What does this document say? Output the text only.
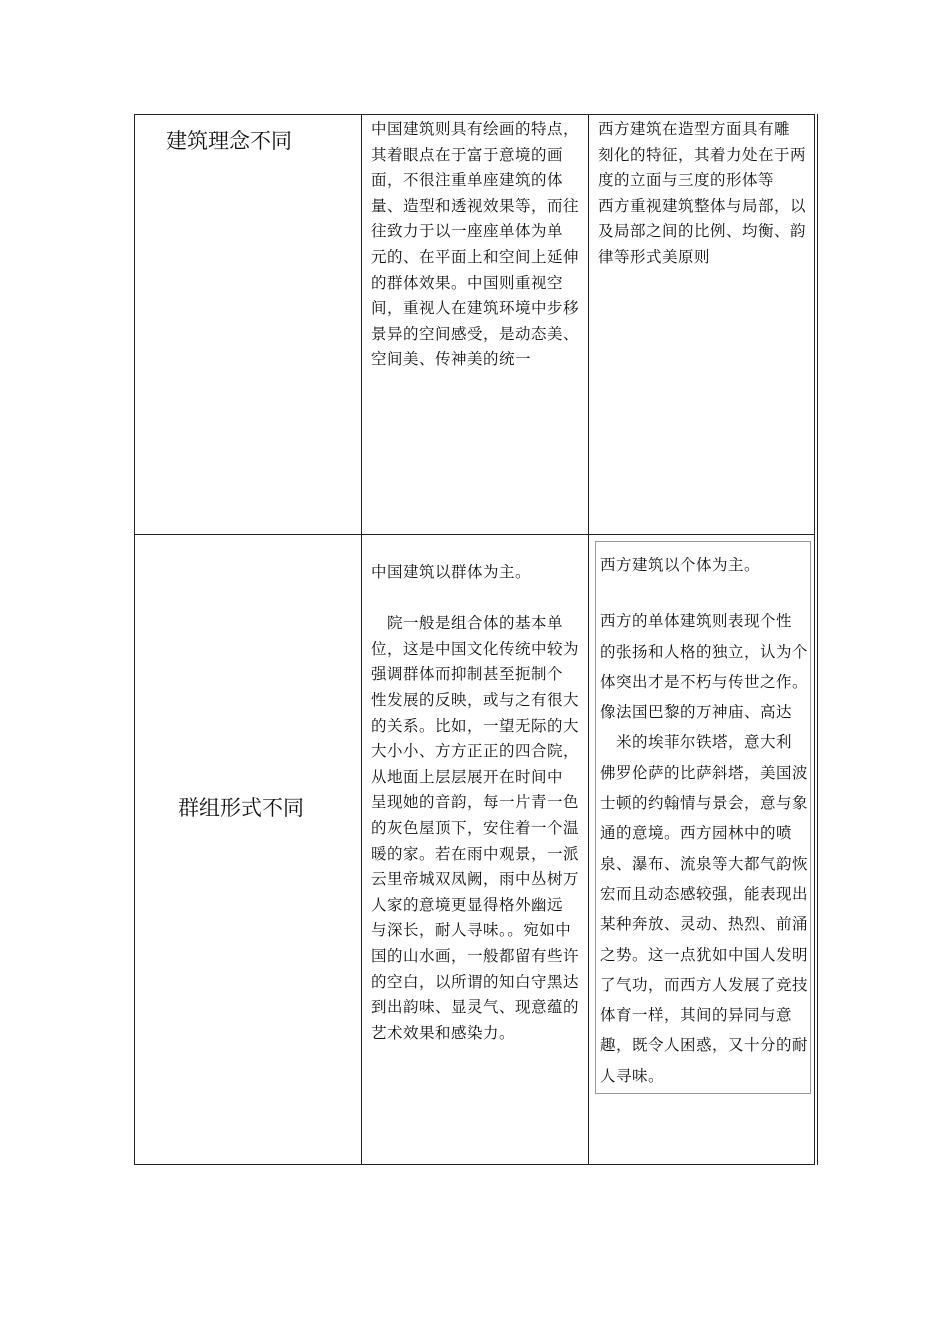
建筑理念不同	中国建筑则具有绘画的特点，

其着眼点在于富于意境的画

面，不很注重单座建筑的体

量、造型和透视效果等，而往

往致力于以一座座单体为单

元的、在平面上和空间上延伸

的群体效果。中国则重视空

间，重视人在建筑环境中步移

景异的空间感受，是动态美、

空间美、传神美的统一

西方建筑在造型方面具有雕

刻化的特征，其着力处在于两

度的立面与三度的形体等

西方重视建筑整体与局部，以

及局部之间的比例、均衡、韵

律等形式美原则

群组形式不同

中国建筑以群体为主。

院一般是组合体的基本单

位，这是中国文化传统中较为

强调群体而抑制甚至扼制个

性发展的反映，或与之有很大

的关系。比如，一望无际的大

大小小、方方正正的四合院，

从地面上层层展开在时间中

呈现她的音韵，每一片青一色

的灰色屋顶下，安住着一个温

暖的家。若在雨中观景，一派

云里帝城双凤阙，雨中丛树万

人家的意境更显得格外幽远

与深长，耐人寻味。。宛如中

国的山水画，一般都留有些许

的空白，以所谓的知白守黑达

到出韵味、显灵气、现意蕴的

艺术效果和感染力。

西方建筑以个体为主。

西方的单体建筑则表现个性

的张扬和人格的独立，认为个

体突出才是不朽与传世之作。

像法国巴黎的万神庙、高达

米的埃菲尔铁塔，意大利

佛罗伦萨的比萨斜塔，美国波

士顿的约翰情与景会，意与象

通的意境。西方园林中的喷

泉、瀑布、流泉等大都气韵恢

宏而且动态感较强，能表现出

某种奔放、灵动、热烈、前涌

之势。这一点犹如中国人发明

了气功，而西方人发展了竞技

体育一样，其间的异同与意

趣，既令人困惑，又十分的耐

人寻味。
